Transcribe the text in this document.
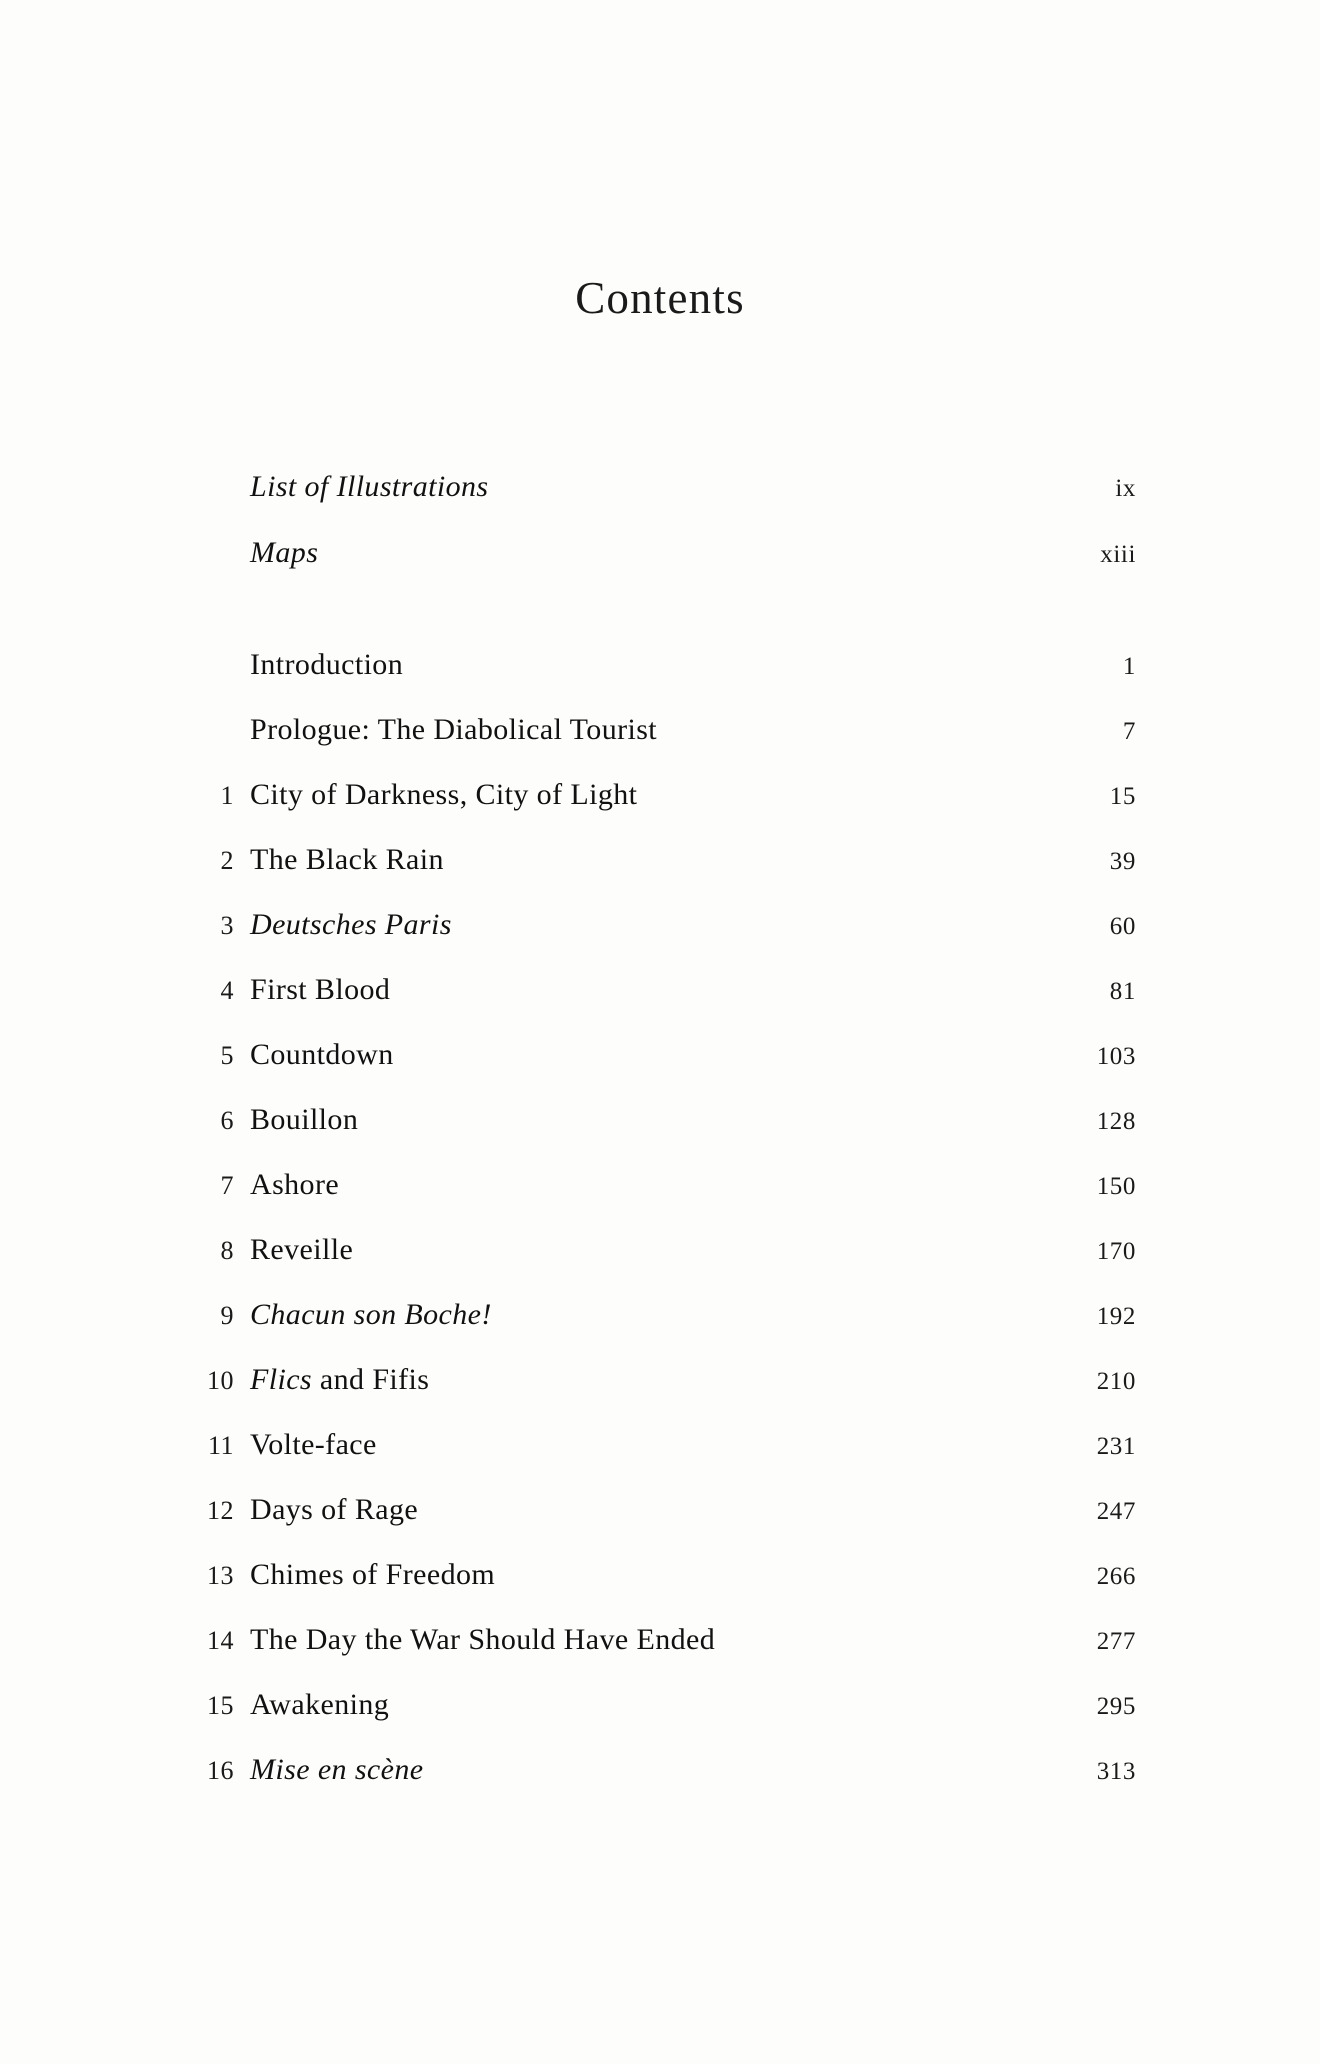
Contents
List of Illustrations	ix
Maps	xiii
Introduction	1
Prologue: The Diabolical Tourist	7
1 City of Darkness, City of Light	15
2 The Black Rain	39
3 Deutsches Paris	60
4 First Blood	81
5 Countdown	103
6 Bouillon	128
7 Ashore	150
8 Reveille	170
9 Chacun son Boche!	192
10 Flics and Fifis	210
11 Volte-face	231
12 Days of Rage	247
13 Chimes of Freedom	266
14 The Day the War Should Have Ended	277
15 Awakening	295
16 Mise en scène	313
